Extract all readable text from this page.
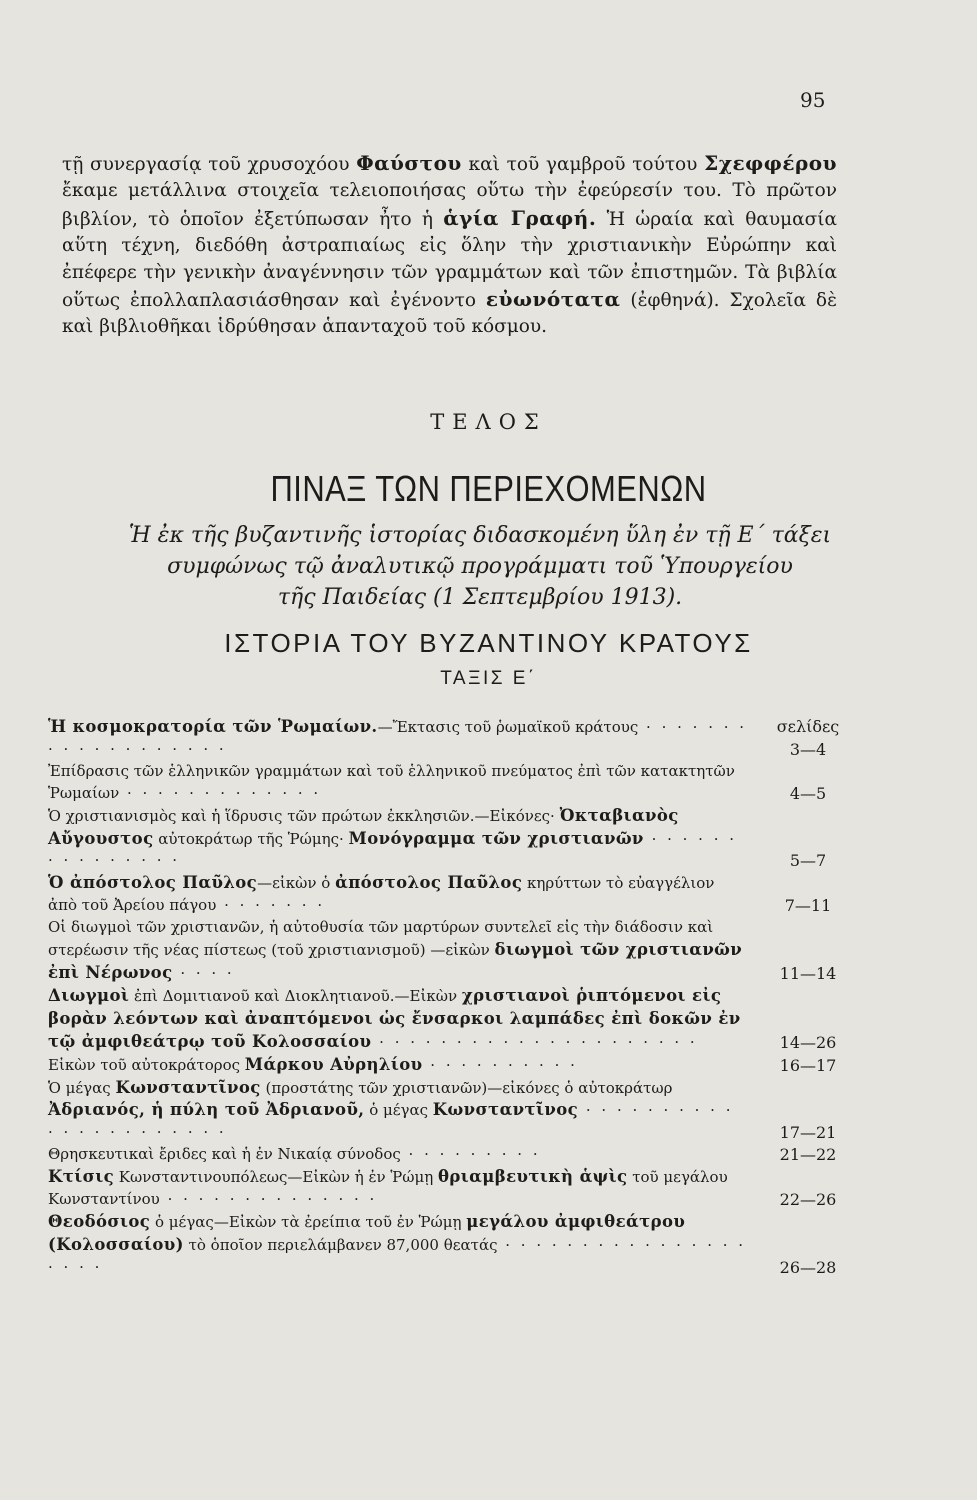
95

τῇ συνεργασίᾳ τοῦ χρυσοχόου Φαύστου καὶ τοῦ γαμβροῦ τούτου Σχεφφέρου ἔκαμε μετάλλινα στοιχεῖα τελειοποιήσας οὕτω τὴν ἐφεύρεσίν του. Τὸ πρῶτον βιβλίον, τὸ ὁποῖον ἐξετύπωσαν ἦτο ἡ ἁγία Γραφή. Ἡ ὡραία καὶ θαυμασία αὕτη τέχνη, διεδόθη ἀστραπιαίως εἰς ὅλην τὴν χριστιανικὴν Εὐρώπην καὶ ἐπέφερε τὴν γενικὴν ἀναγέννησιν τῶν γραμμάτων καὶ τῶν ἐπιστημῶν. Τὰ βιβλία οὕτως ἐπολλαπλασιάσθησαν καὶ ἐγένοντο εὐωνότατα (ἐφθηνά). Σχολεῖα δὲ καὶ βιβλιοθῆκαι ἱδρύθησαν ἁπανταχοῦ τοῦ κόσμου.

ΤΕΛΟΣ
ΠΙΝΑΞ ΤΩΝ ΠΕΡΙΕΧΟΜΕΝΩΝ

Ἡ ἐκ τῆς βυζαντινῆς ἱστορίας διδασκομένη ὕλη ἐν τῇ Ε΄ τάξει

συμφώνως τῷ ἀναλυτικῷ προγράμματι τοῦ Ὑπουργείου

τῆς Παιδείας (1 Σεπτεμβρίου 1913).

ΙΣΤΟΡΙΑ ΤΟΥ ΒΥΖΑΝΤΙΝΟΥ ΚΡΑΤΟΥΣ
ΤΑΞΙΣ Ε΄
σελίδες
Ἡ κοσμοκρατορία τῶν Ῥωμαίων.—Ἔκτασις τοῦ ῥωμαϊκοῦ κράτους · · · · · · · · · · · · · · · · · · ·	3—4
Ἐπίδρασις τῶν ἑλληνικῶν γραμμάτων καὶ τοῦ ἑλληνικοῦ πνεύματος ἐπὶ τῶν κατακτητῶν Ῥωμαίων · · · · · · · · · · · · ·	4—5
Ὁ χριστιανισμὸς καὶ ἡ ἵδρυσις τῶν πρώτων ἐκκλησιῶν.—Εἰκόνες· Ὀκταβιανὸς Αὔγουστος αὐτοκράτωρ τῆς Ῥώμης· Μονόγραμμα τῶν χριστιανῶν · · · · · · · · · · · · · · ·	5—7
Ὁ ἀπόστολος Παῦλος—εἰκὼν ὁ ἀπόστολος Παῦλος κηρύττων τὸ εὐαγγέλιον ἀπὸ τοῦ Ἀρείου πάγου · · · · · · ·	7—11
Οἱ διωγμοὶ τῶν χριστιανῶν, ἡ αὐτοθυσία τῶν μαρτύρων συντελεῖ εἰς τὴν διάδοσιν καὶ στερέωσιν τῆς νέας πίστεως (τοῦ χριστιανισμοῦ) —εἰκὼν διωγμοὶ τῶν χριστιανῶν ἐπὶ Νέρωνος · · · ·	11—14
Διωγμοὶ ἐπὶ Δομιτιανοῦ καὶ Διοκλητιανοῦ.—Εἰκὼν χριστιανοὶ ῥιπτόμενοι εἰς βορὰν λεόντων καὶ ἀναπτόμενοι ὡς ἔνσαρκοι λαμπάδες ἐπὶ δοκῶν ἐν τῷ ἀμφιθεάτρῳ τοῦ Κολοσσαίου · · · · · · · · · · · · · · · · · · · · ·	14—26
Εἰκὼν τοῦ αὐτοκράτορος Μάρκου Αὐρηλίου · · · · · · · · · ·	16—17
Ὁ μέγας Κωνσταντῖνος (προστάτης τῶν χριστιανῶν)—εἰκόνες ὁ αὐτοκράτωρ Ἀδριανός, ἡ πύλη τοῦ Ἀδριανοῦ, ὁ μέγας Κωνσταντῖνος · · · · · · · · · · · · · · · · · · · · · ·	17—21
Θρησκευτικαὶ ἔριδες καὶ ἡ ἐν Νικαίᾳ σύνοδος · · · · · · · · ·	21—22
Κτίσις Κωνσταντινουπόλεως—Εἰκὼν ἡ ἐν Ῥώμῃ θριαμβευτικὴ ἁψὶς τοῦ μεγάλου Κωνσταντίνου · · · · · · · · · · · · · ·	22—26
Θεοδόσιος ὁ μέγας—Εἰκὼν τὰ ἐρείπια τοῦ ἐν Ῥώμῃ μεγάλου ἀμφιθεάτρου (Κολοσσαίου) τὸ ὁποῖον περιελάμβανεν 87,000 θεατάς · · · · · · · · · · · · · · · · · · · ·	26—28
